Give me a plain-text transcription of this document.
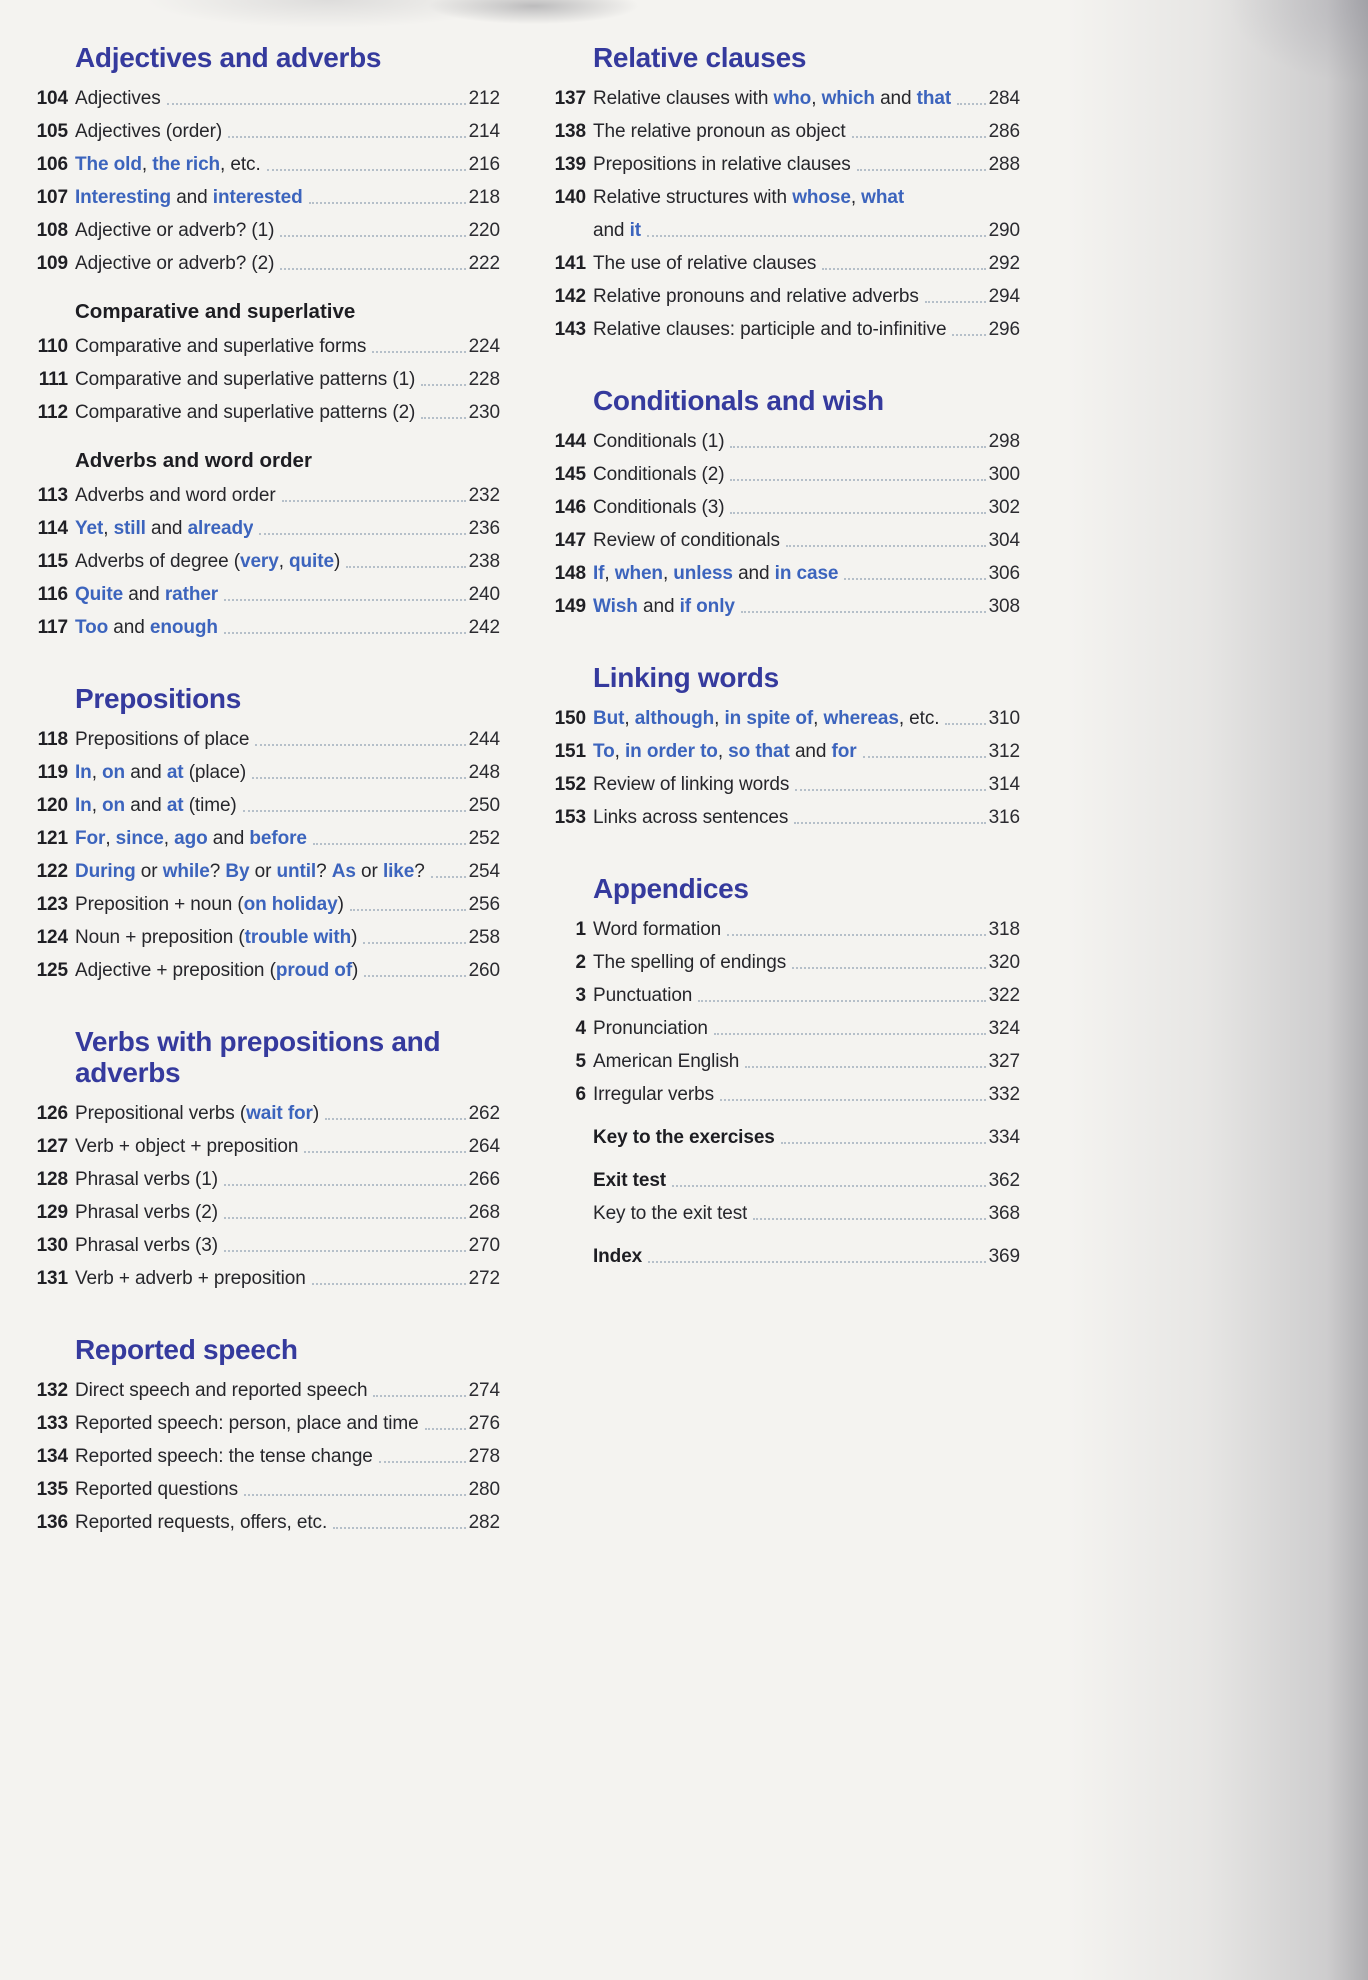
Adjectives and adverbs
104 Adjectives	212
105 Adjectives (order)	214
106 The old, the rich, etc.	216
107 Interesting and interested	218
108 Adjective or adverb? (1)	220
109 Adjective or adverb? (2)	222
Comparative and superlative
110 Comparative and superlative forms	224
111 Comparative and superlative patterns (1)	228
112 Comparative and superlative patterns (2)	230
Adverbs and word order
113 Adverbs and word order	232
114 Yet, still and already	236
115 Adverbs of degree (very, quite)	238
116 Quite and rather	240
117 Too and enough	242
Prepositions
118 Prepositions of place	244
119 In, on and at (place)	248
120 In, on and at (time)	250
121 For, since, ago and before	252
122 During or while? By or until? As or like? 254
123 Preposition + noun (on holiday)	256
124 Noun + preposition (trouble with)	258
125 Adjective + preposition (proud of)	260
Verbs with prepositions and adverbs
126 Prepositional verbs (wait for)	262
127 Verb + object + preposition	264
128 Phrasal verbs (1)	266
129 Phrasal verbs (2)	268
130 Phrasal verbs (3)	270
131 Verb + adverb + preposition	272
Reported speech
132 Direct speech and reported speech	274
133 Reported speech: person, place and time	276
134 Reported speech: the tense change	278
135 Reported questions	280
136 Reported requests, offers, etc.	282
Relative clauses
137 Relative clauses with who, which and that 284
138 The relative pronoun as object	286
139 Prepositions in relative clauses	288
140 Relative structures with whose, what
and it	290
141 The use of relative clauses	292
142 Relative pronouns and relative adverbs	294
143 Relative clauses: participle and to-infinitive 296
Conditionals and wish
144 Conditionals (1)	298
145 Conditionals (2)	300
146 Conditionals (3)	302
147 Review of conditionals	304
148 If, when, unless and in case	306
149 Wish and if only	308
Linking words
150 But, although, in spite of, whereas, etc.	310
151 To, in order to, so that and for	312
152 Review of linking words	314
153 Links across sentences	316
Appendices
1 Word formation	318
2 The spelling of endings	320
3 Punctuation	322
4 Pronunciation	324
5 American English	327
6 Irregular verbs	332
Key to the exercises	334
Exit test	362
Key to the exit test	368
Index	369
